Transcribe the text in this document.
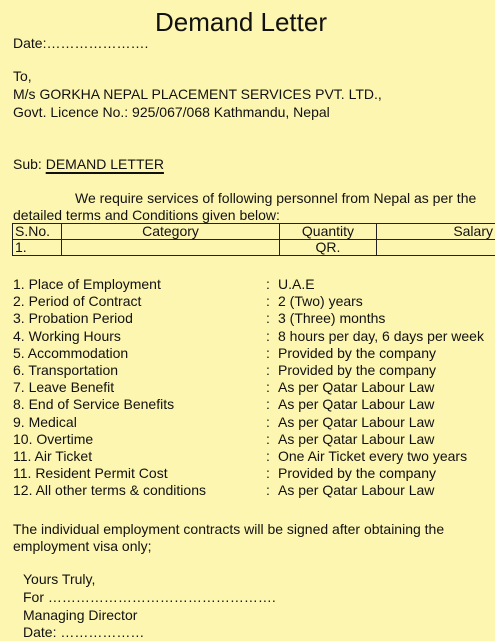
Demand Letter
Date:………………….
To,
M/s GORKHA NEPAL PLACEMENT SERVICES PVT. LTD.,
Govt. Licence No.: 925/067/068 Kathmandu, Nepal
Sub: DEMAND LETTER
We require services of following personnel from Nepal as per the
detailed terms and Conditions given below:
S.No.	Category	Quantity	Salary
1.		QR.	
1. Place of Employment	: U.A.E
2. Period of Contract	: 2 (Two) years
3. Probation Period	: 3 (Three) months
4. Working Hours	: 8 hours per day, 6 days per week
5. Accommodation	: Provided by the company
6. Transportation	: Provided by the company
7. Leave Benefit	: As per Qatar Labour Law
8. End of Service Benefits	: As per Qatar Labour Law
9. Medical	: As per Qatar Labour Law
10. Overtime	: As per Qatar Labour Law
11. Air Ticket	: One Air Ticket every two years
11. Resident Permit Cost	: Provided by the company
12. All other terms & conditions	: As per Qatar Labour Law
The individual employment contracts will be signed after obtaining the
employment visa only;
Yours Truly,
For ………………………………………….
Managing Director
Date: ………………
